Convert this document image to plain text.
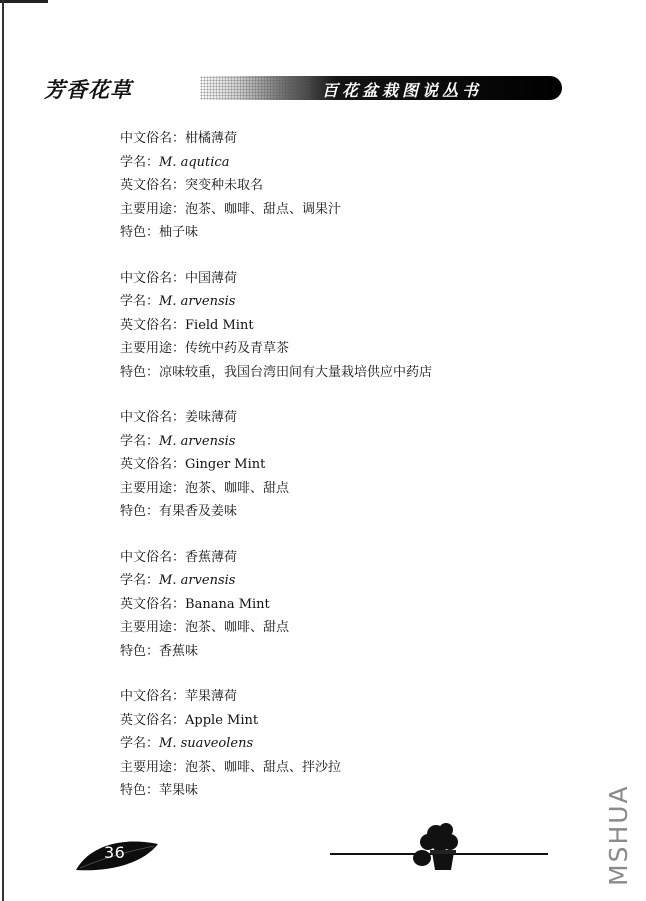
芳香花草	百花盆栽图说丛书
中文俗名：柑橘薄荷
学名：M. aqutica
英文俗名：突变种未取名
主要用途：泡茶、咖啡、甜点、调果汁
特色：柚子味
中文俗名：中国薄荷
学名：M. arvensis
英文俗名：Field Mint
主要用途：传统中药及青草茶
特色：凉味较重，我国台湾田间有大量栽培供应中药店
中文俗名：姜味薄荷
学名：M. arvensis
英文俗名：Ginger Mint
主要用途：泡茶、咖啡、甜点
特色：有果香及姜味
中文俗名：香蕉薄荷
学名：M. arvensis
英文俗名：Banana Mint
主要用途：泡茶、咖啡、甜点
特色：香蕉味
中文俗名：苹果薄荷
英文俗名：Apple Mint
学名：M. suaveolens
主要用途：泡茶、咖啡、甜点、拌沙拉
特色：苹果味
36	MSHUA
